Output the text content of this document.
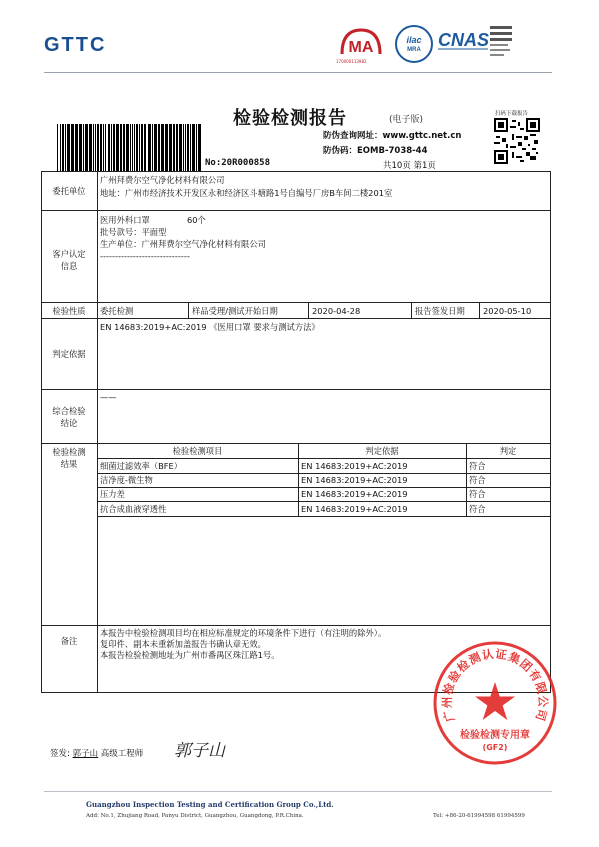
GTTC	MA
170000113982
ilac
MRA CNAS
检验检测报告	(电子版)
扫码下载报告
No:20R000858
防伪查询网址：www.gttc.net.cn
防伪码：EOMB-7038-44
共10页 第1页
委托单位
广州拜费尔空气净化材料有限公司
地址：广州市经济技术开发区永和经济区斗塘路1号自编号厂房B车间二楼201室
客户认定
信息
医用外科口罩	60个
批号款号：平面型
生产单位：广州拜费尔空气净化材料有限公司
------------------------------
检验性质	委托检测	样品受理/测试开始日期	2020-04-28	报告签发日期 2020-05-10
判定依据
EN 14683:2019+AC:2019 《医用口罩 要求与测试方法》
综合检验
结论
——
检验检测
结果
检验检测项目	判定依据	判定
细菌过滤效率（BFE）	EN 14683:2019+AC:2019	符合
洁净度-微生物	EN 14683:2019+AC:2019	符合
压力差	EN 14683:2019+AC:2019	符合
抗合成血液穿透性	EN 14683:2019+AC:2019	符合
备注
本报告中检验检测项目均在相应标准规定的环境条件下进行（有注明的除外）。
复印件、副本未重新加盖报告书确认章无效。
本报告检验检测地址为广州市番禺区珠江路1号。
签发: 郭子山 高级工程师 郭子山
Guangzhou Inspection Testing and Certification Group Co.,Ltd.
Add: No.1, Zhujiang Road, Panyu District, Guangzhou, Guangdong, P.R.China.	Tel: +86-20-61994598 61994599
广州检验检测认证集团有限公司
检验检测专用章
(GF2)
